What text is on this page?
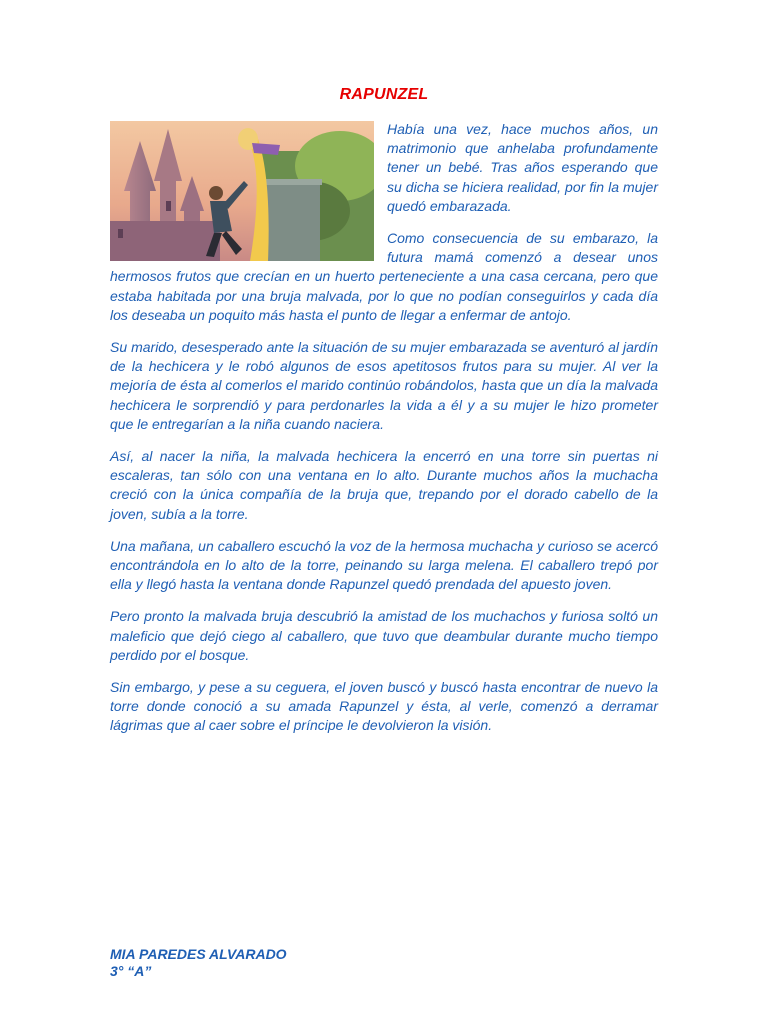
RAPUNZEL

Había una vez, hace muchos años, un matrimonio que anhelaba profundamente tener un bebé. Tras años esperando que su dicha se hiciera realidad, por fin la mujer quedó embarazada.

Como consecuencia de su embarazo, la futura mamá comenzó a desear unos hermosos frutos que crecían en un huerto perteneciente a una casa cercana, pero que estaba habitada por una bruja malvada, por lo que no podían conseguirlos y cada día los deseaba un poquito más hasta el punto de llegar a enfermar de antojo.

Su marido, desesperado ante la situación de su mujer embarazada se aventuró al jardín de la hechicera y le robó algunos de esos apetitosos frutos para su mujer. Al ver la mejoría de ésta al comerlos el marido continúo robándolos, hasta que un día la malvada hechicera le sorprendió y para perdonarles la vida a él y a su mujer le hizo prometer que le entregarían a la niña cuando naciera.

Así, al nacer la niña, la malvada hechicera la encerró en una torre sin puertas ni escaleras, tan sólo con una ventana en lo alto. Durante muchos años la muchacha creció con la única compañía de la bruja que, trepando por el dorado cabello de la joven, subía a la torre.

Una mañana, un caballero escuchó la voz de la hermosa muchacha y curioso se acercó encontrándola en lo alto de la torre, peinando su larga melena. El caballero trepó por ella y llegó hasta la ventana donde Rapunzel quedó prendada del apuesto joven.

Pero pronto la malvada bruja descubrió la amistad de los muchachos y furiosa soltó un maleficio que dejó ciego al caballero, que tuvo que deambular durante mucho tiempo perdido por el bosque.

Sin embargo, y pese a su ceguera, el joven buscó y buscó hasta encontrar de nuevo la torre donde conoció a su amada Rapunzel y ésta, al verle, comenzó a derramar lágrimas que al caer sobre el príncipe le devolvieron la visión.

MIA PAREDES ALVARADO
3° “A”
